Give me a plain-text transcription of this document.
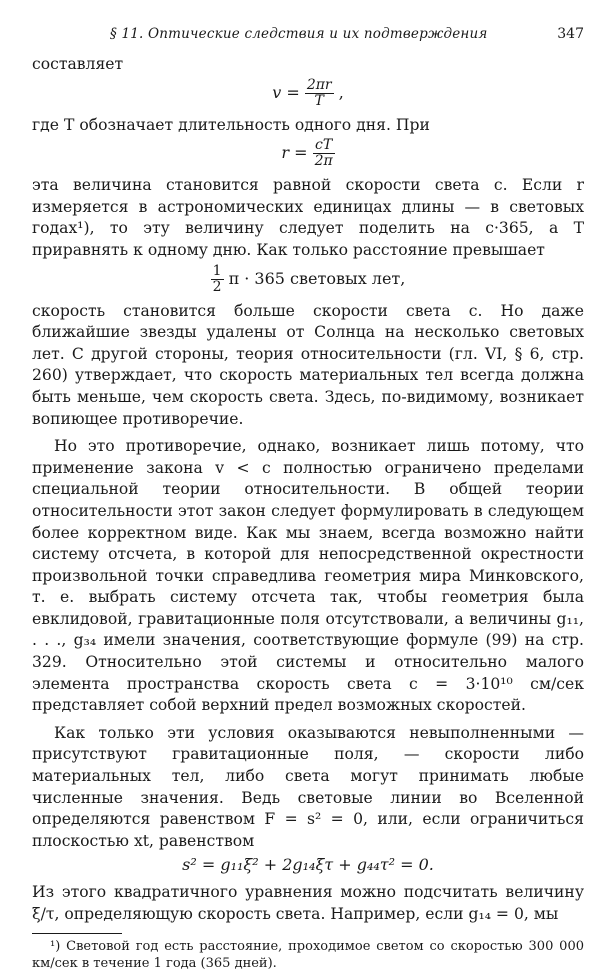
§ 11. Оптические следствия и их подтверждения	347

составляет

$v = \frac{2\pi r}{T}$ ,

где T обозначает длительность одного дня. При

$r = \frac{cT}{2\pi}$

эта величина становится равной скорости света c. Если r измеряется в астрономических единицах длины — в световых годах¹), то эту величину следует поделить на c·365, а T приравнять к одному дню. Как только расстояние превышает

$\frac{1}{2}$ π · 365 световых лет,

скорость становится больше скорости света c. Но даже ближайшие звезды удалены от Солнца на несколько световых лет. С другой стороны, теория относительности (гл. VI, § 6, стр. 260) утверждает, что скорость материальных тел всегда должна быть меньше, чем скорость света. Здесь, по-видимому, возникает вопиющее противоречие.

Но это противоречие, однако, возникает лишь потому, что применение закона v < c полностью ограничено пределами специальной теории относительности. В общей теории относительности этот закон следует формулировать в следующем более корректном виде. Как мы знаем, всегда возможно найти систему отсчета, в которой для непосредственной окрестности произвольной точки справедлива геометрия мира Минковского, т. е. выбрать систему отсчета так, чтобы геометрия была евклидовой, гравитационные поля отсутствовали, а величины g₁₁, . . ., g₃₄ имели значения, соответствующие формуле (99) на стр. 329. Относительно этой системы и относительно малого элемента пространства скорость света c = 3·10¹⁰ см/сек представляет собой верхний предел возможных скоростей.

Как только эти условия оказываются невыполненными — присутствуют гравитационные поля, — скорости либо материальных тел, либо света могут принимать любые численные значения. Ведь световые линии во Вселенной определяются равенством F = s² = 0, или, если ограничиться плоскостью xt, равенством

s² = g₁₁ξ² + 2g₁₄ξτ + g₄₄τ² = 0.

Из этого квадратичного уравнения можно подсчитать величину ξ/τ, определяющую скорость света. Например, если g₁₄ = 0, мы

¹) Световой год есть расстояние, проходимое светом со скоростью 300 000 км/сек в течение 1 года (365 дней).
